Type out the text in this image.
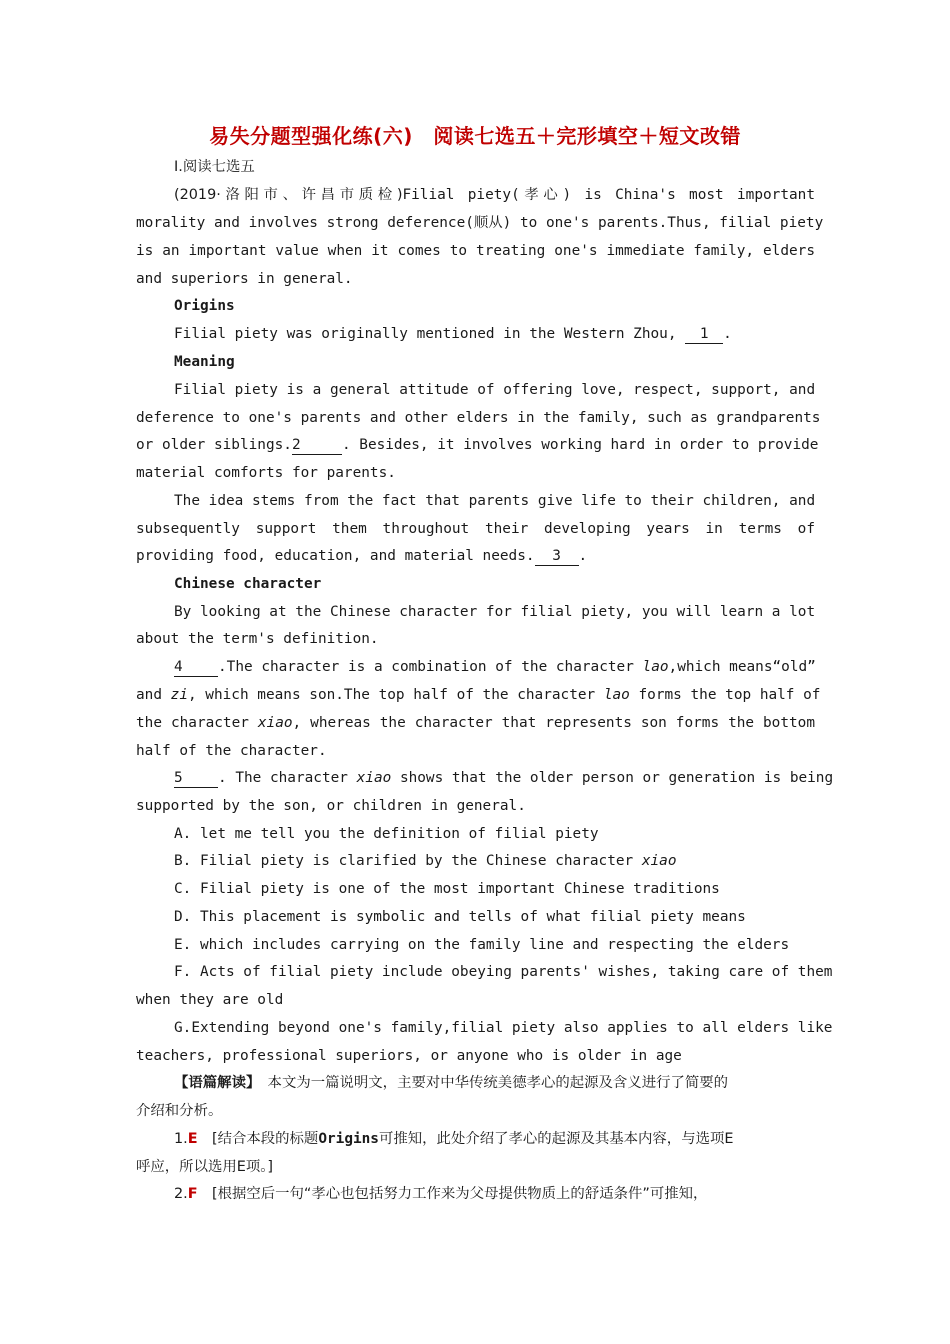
易失分题型强化练(六)　阅读七选五＋完形填空＋短文改错
Ⅰ.阅读七选五
(2019·洛阳市、许昌市质检)Filial piety(孝心) is China's most important
morality and involves strong deference(顺从) to one's parents.Thus, filial piety
is an important value when it comes to treating one's immediate family, elders
and superiors in general.
Origins
Filial piety was originally mentioned in the Western Zhou, 1 .
Meaning
Filial piety is a general attitude of offering love, respect, support, and
deference to one's parents and other elders in the family, such as grandparents
or older siblings.2	. Besides, it involves working hard in order to provide
material comforts for parents.
The idea stems from the fact that parents give life to their children, and
subsequently support them throughout their developing years in terms of
providing food, education, and material needs. 3 .
Chinese character
By looking at the Chinese character for filial piety, you will learn a lot
about the term's definition.
4 .The character is a combination of the character lao,which means“old”
and zi, which means son.The top half of the character lao forms the top half of
the character xiao, whereas the character that represents son forms the bottom
half of the character.
5 . The character xiao shows that the older person or generation is being
supported by the son, or children in general.
A. let me tell you the definition of filial piety
B. Filial piety is clarified by the Chinese character xiao
C. Filial piety is one of the most important Chinese traditions
D. This placement is symbolic and tells of what filial piety means
E. which includes carrying on the family line and respecting the elders
F. Acts of filial piety include obeying parents' wishes, taking care of them
when they are old
G.Extending beyond one's family,filial piety also applies to all elders like
teachers, professional superiors, or anyone who is older in age
【语篇解读】　本文为一篇说明文，主要对中华传统美德孝心的起源及含义进行了简要的
介绍和分析。
1.E　[结合本段的标题Origins可推知，此处介绍了孝心的起源及其基本内容，与选项E
呼应，所以选用E项。]
2.F　[根据空后一句“孝心也包括努力工作来为父母提供物质上的舒适条件”可推知，
